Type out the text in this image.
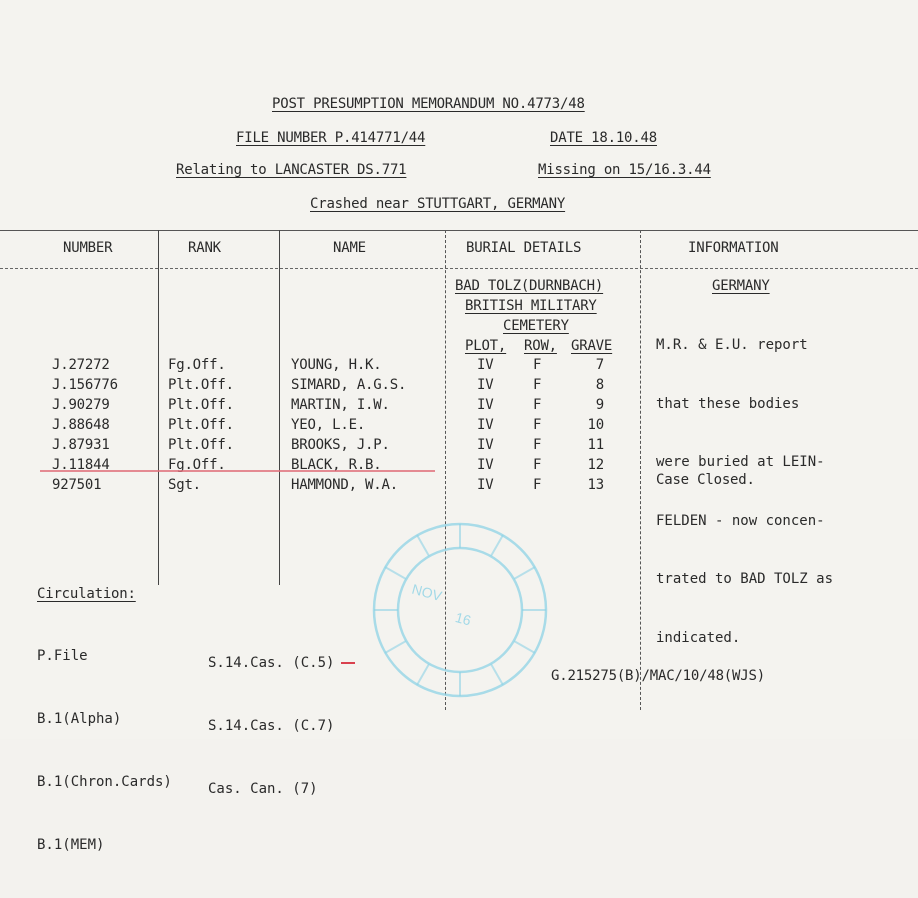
POST PRESUMPTION MEMORANDUM NO.4773/48
FILE NUMBER P.414771/44	DATE 18.10.48
Relating to LANCASTER DS.771	Missing on 15/16.3.44
Crashed near STUTTGART, GERMANY
NUMBER	RANK	NAME	BURIAL DETAILS	INFORMATION
BAD TOLZ(DURNBACH)
BRITISH MILITARY
CEMETERY
PLOT, ROW, GRAVE
J.27272	Fg.Off.	YOUNG, H.K.	IV	F	7
J.156776	Plt.Off.	SIMARD, A.G.S.	IV	F	8
J.90279	Plt.Off.	MARTIN, I.W.	IV	F	9
J.88648	Plt.Off.	YEO, L.E.	IV	F	10
J.87931	Plt.Off.	BROOKS, J.P.	IV	F	11
J.11844	Fg.Off.	BLACK, R.B.	IV	F	12
927501	Sgt.	HAMMOND, W.A.	IV	F	13
GERMANY

M.R. & E.U. report

that these bodies

were buried at LEIN-

FELDEN - now concen-

trated to BAD TOLZ as

indicated.

Case Closed.
Circulation:

P.File

B.1(Alpha)

B.1(Chron.Cards)

B.1(MEM)

S.14.Cas. (C.5)

S.14.Cas. (C.7)

Cas. Can. (7)

NOV
16
G.215275(B)/MAC/10/48(WJS)
